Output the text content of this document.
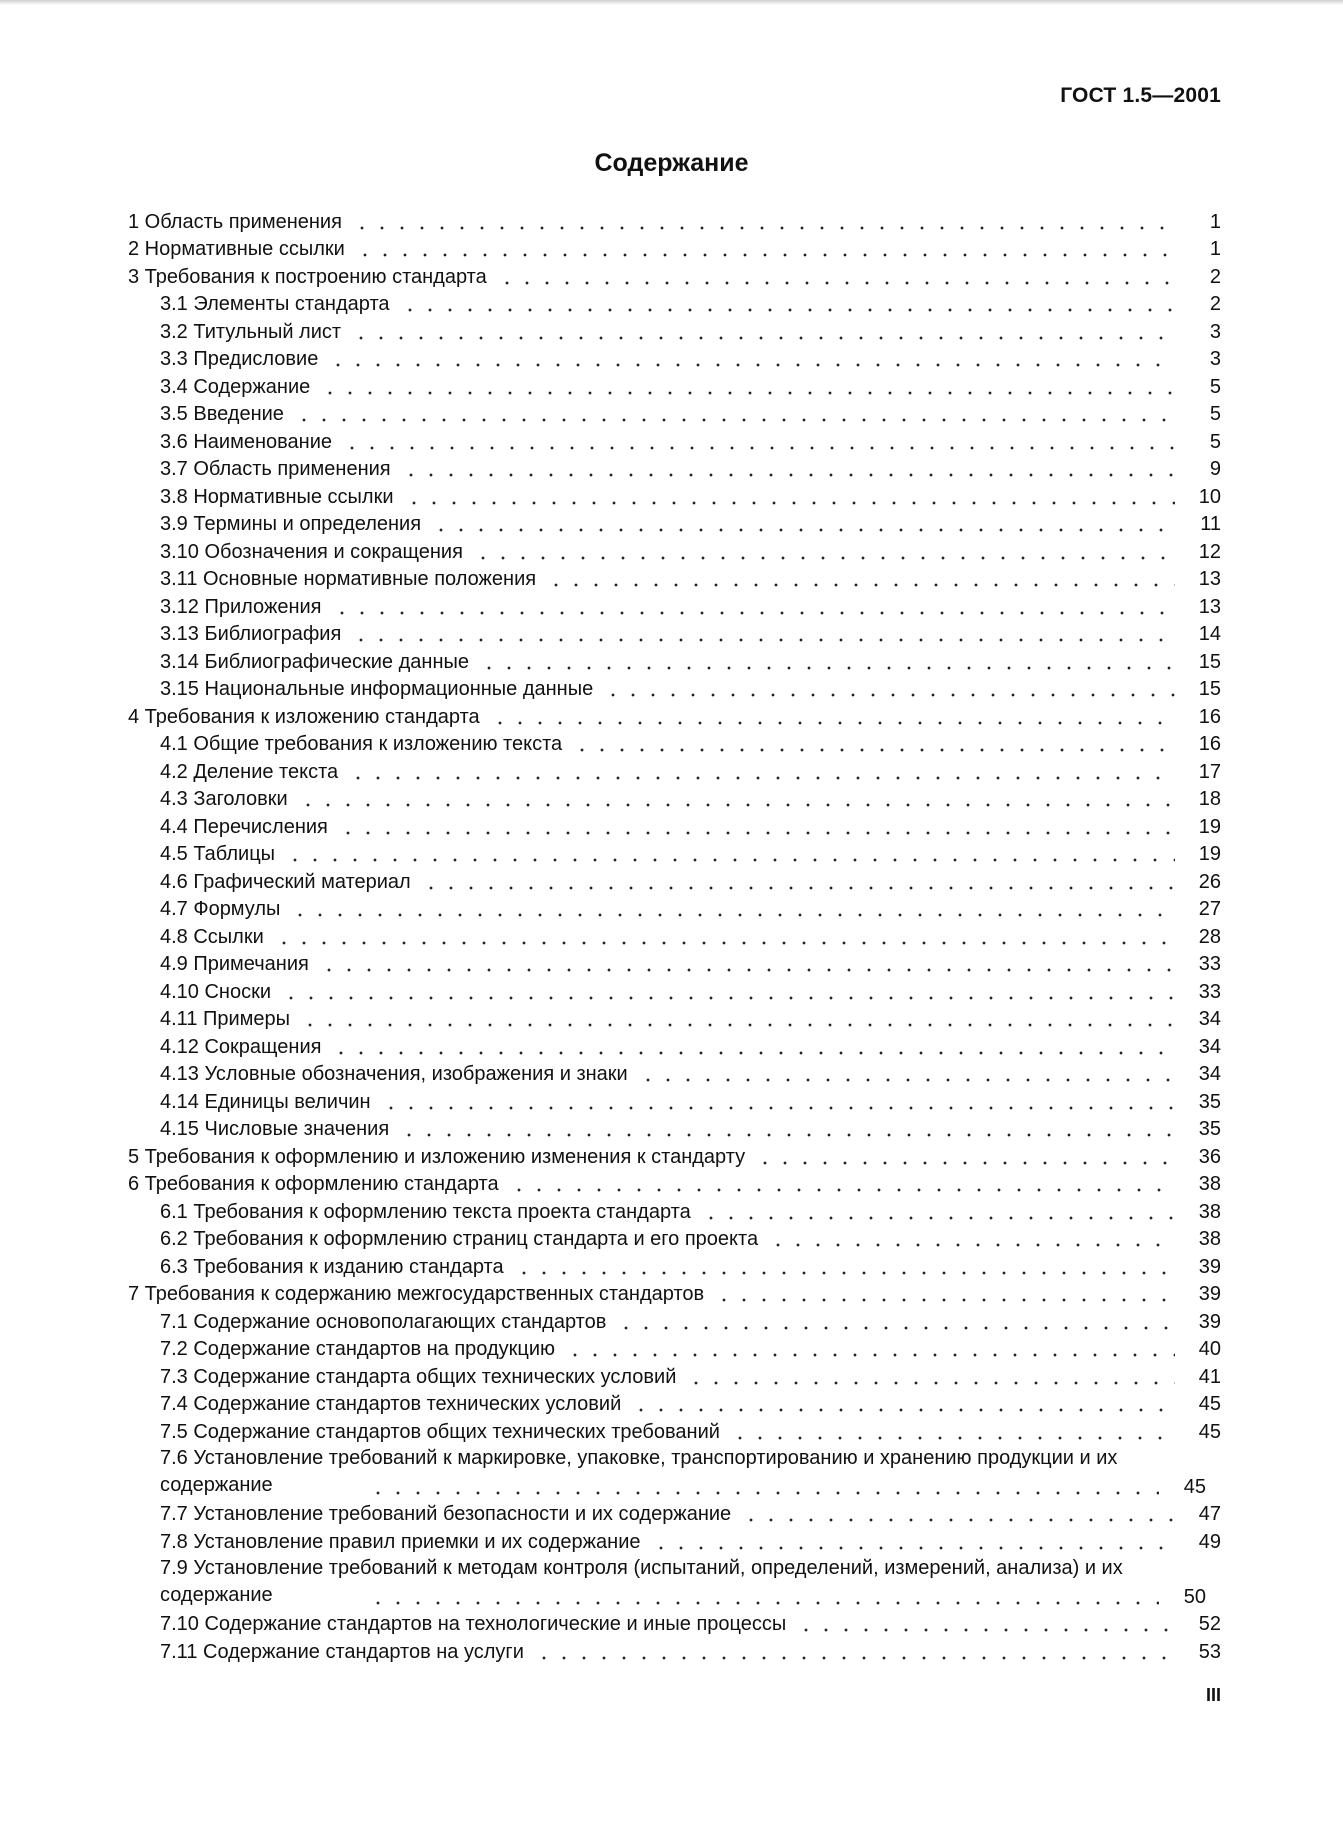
ГОСТ 1.5—2001
Содержание
1 Область применения	1
2 Нормативные ссылки	1
3 Требования к построению стандарта	2
3.1 Элементы стандарта	2
3.2 Титульный лист	3
3.3 Предисловие	3
3.4 Содержание	5
3.5 Введение	5
3.6 Наименование	5
3.7 Область применения	9
3.8 Нормативные ссылки	10
3.9 Термины и определения	11
3.10 Обозначения и сокращения	12
3.11 Основные нормативные положения	13
3.12 Приложения	13
3.13 Библиография	14
3.14 Библиографические данные	15
3.15 Национальные информационные данные	15
4 Требования к изложению стандарта	16
4.1 Общие требования к изложению текста	16
4.2 Деление текста	17
4.3 Заголовки	18
4.4 Перечисления	19
4.5 Таблицы	19
4.6 Графический материал	26
4.7 Формулы	27
4.8 Ссылки	28
4.9 Примечания	33
4.10 Сноски	33
4.11 Примеры	34
4.12 Сокращения	34
4.13 Условные обозначения, изображения и знаки	34
4.14 Единицы величин	35
4.15 Числовые значения	35
5 Требования к оформлению и изложению изменения к стандарту	36
6 Требования к оформлению стандарта	38
6.1 Требования к оформлению текста проекта стандарта	38
6.2 Требования к оформлению страниц стандарта и его проекта	38
6.3 Требования к изданию стандарта	39
7 Требования к содержанию межгосударственных стандартов	39
7.1 Содержание основополагающих стандартов	39
7.2 Содержание стандартов на продукцию	40
7.3 Содержание стандарта общих технических условий	41
7.4 Содержание стандартов технических условий	45
7.5 Содержание стандартов общих технических требований	45
7.6 Установление требований к маркировке, упаковке, транспортированию и хранению продукции и их содержание	45
7.7 Установление требований безопасности и их содержание	47
7.8 Установление правил приемки и их содержание	49
7.9 Установление требований к методам контроля (испытаний, определений, измерений, анализа) и их содержание	50
7.10 Содержание стандартов на технологические и иные процессы	52
7.11 Содержание стандартов на услуги	53
III
